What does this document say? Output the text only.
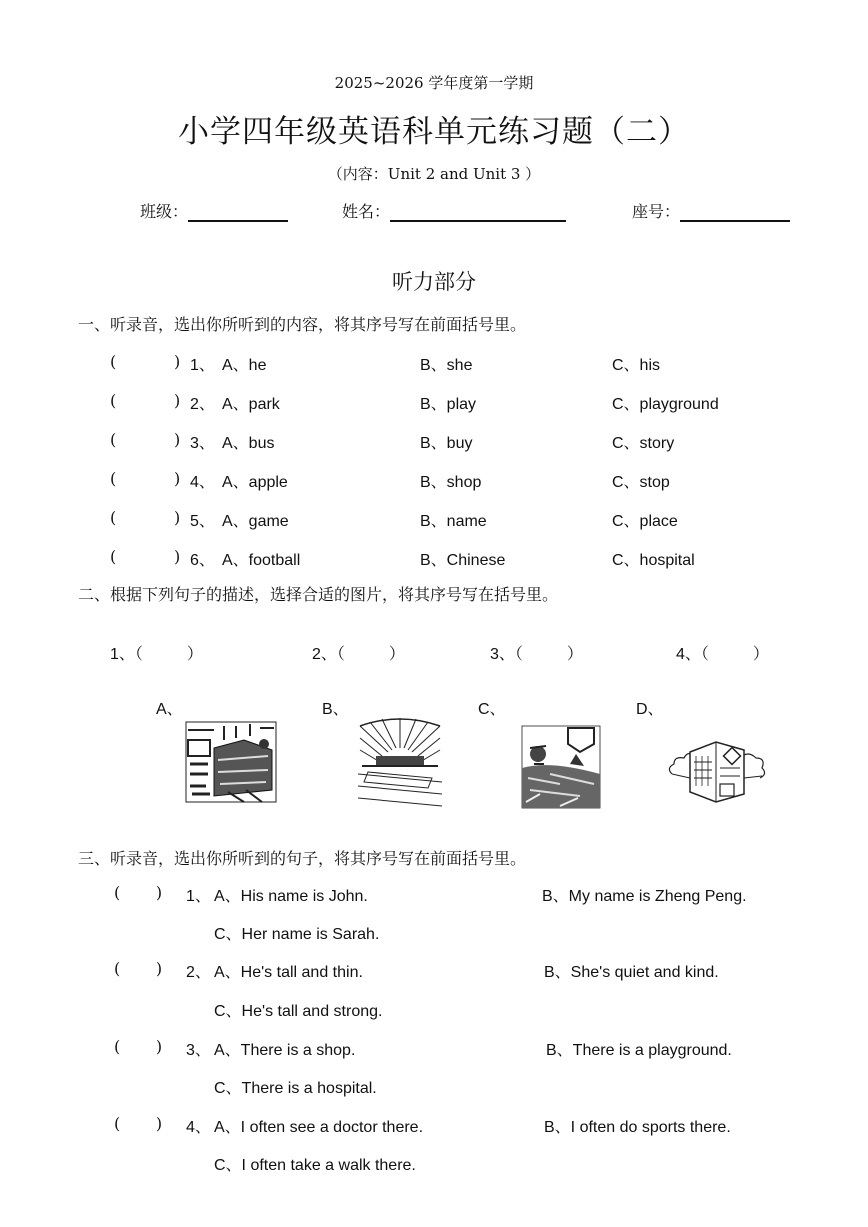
2025~2026 学年度第一学期
小学四年级英语科单元练习题（二）
（内容：Unit 2 and Unit 3 ）
班级：	姓名：	座号：
听力部分
一、听录音，选出你所听到的内容，将其序号写在前面括号里。
(	) 1、 A、he	B、she	C、his
(	) 2、 A、park	B、play	C、playground
(	) 3、 A、bus	B、buy	C、story
(	) 4、 A、apple	B、shop	C、stop
(	) 5、 A、game	B、name	C、place
(	) 6、 A、football	B、Chinese	C、hospital
二、根据下列句子的描述，选择合适的图片，将其序号写在括号里。
1、（	）	2、（	）	3、（	）	4、（	）
A、	B、	C、	D、
三、听录音，选出你所听到的句子，将其序号写在前面括号里。
(       ) 1、 A、His name is John.	B、My name is Zheng Peng.
C、Her name is Sarah.
(       ) 2、 A、He's tall and thin.	B、She's quiet and kind.
C、He's tall and strong.
(       ) 3、 A、There is a shop.	B、There is a playground.
C、There is a hospital.
(       ) 4、 A、I often see a doctor there.	B、I often do sports there.
C、I often take a walk there.
